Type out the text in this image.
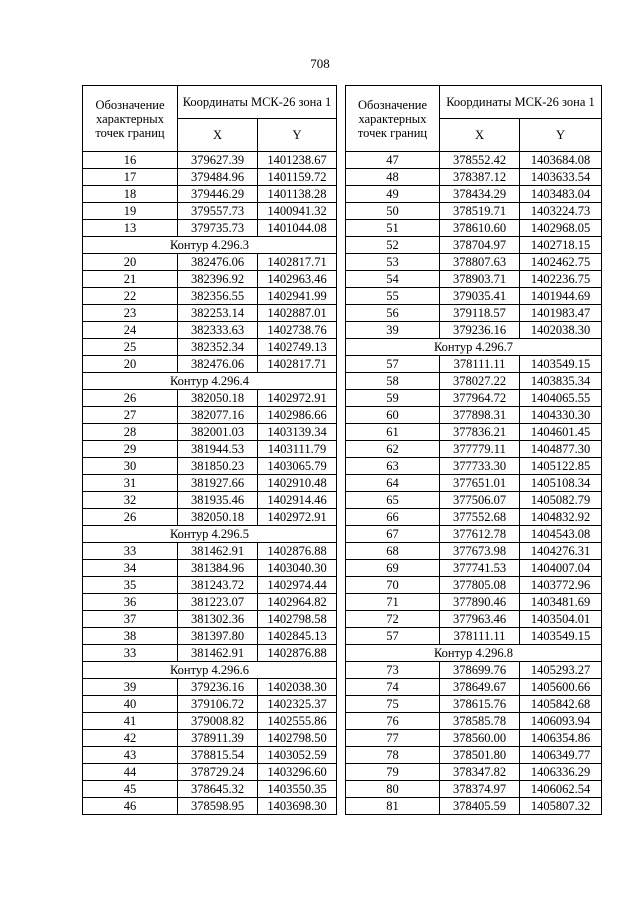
708
Обозначение характерных точек границ	Координаты МСК-26 зона 1	
	X	Y
16	379627.39	1401238.67
17	379484.96	1401159.72
18	379446.29	1401138.28
19	379557.73	1400941.32
13	379735.73	1401044.08
Контур 4.296.3		
20	382476.06	1402817.71
21	382396.92	1402963.46
22	382356.55	1402941.99
23	382253.14	1402887.01
24	382333.63	1402738.76
25	382352.34	1402749.13
20	382476.06	1402817.71
Контур 4.296.4		
26	382050.18	1402972.91
27	382077.16	1402986.66
28	382001.03	1403139.34
29	381944.53	1403111.79
30	381850.23	1403065.79
31	381927.66	1402910.48
32	381935.46	1402914.46
26	382050.18	1402972.91
Контур 4.296.5		
33	381462.91	1402876.88
34	381384.96	1403040.30
35	381243.72	1402974.44
36	381223.07	1402964.82
37	381302.36	1402798.58
38	381397.80	1402845.13
33	381462.91	1402876.88
Контур 4.296.6		
39	379236.16	1402038.30
40	379106.72	1402325.37
41	379008.82	1402555.86
42	378911.39	1402798.50
43	378815.54	1403052.59
44	378729.24	1403296.60
45	378645.32	1403550.35
46	378598.95	1403698.30
Обозначение характерных точек границ	Координаты МСК-26 зона 1	
	X	Y
47	378552.42	1403684.08
48	378387.12	1403633.54
49	378434.29	1403483.04
50	378519.71	1403224.73
51	378610.60	1402968.05
52	378704.97	1402718.15
53	378807.63	1402462.75
54	378903.71	1402236.75
55	379035.41	1401944.69
56	379118.57	1401983.47
39	379236.16	1402038.30
Контур 4.296.7		
57	378111.11	1403549.15
58	378027.22	1403835.34
59	377964.72	1404065.55
60	377898.31	1404330.30
61	377836.21	1404601.45
62	377779.11	1404877.30
63	377733.30	1405122.85
64	377651.01	1405108.34
65	377506.07	1405082.79
66	377552.68	1404832.92
67	377612.78	1404543.08
68	377673.98	1404276.31
69	377741.53	1404007.04
70	377805.08	1403772.96
71	377890.46	1403481.69
72	377963.46	1403504.01
57	378111.11	1403549.15
Контур 4.296.8		
73	378699.76	1405293.27
74	378649.67	1405600.66
75	378615.76	1405842.68
76	378585.78	1406093.94
77	378560.00	1406354.86
78	378501.80	1406349.77
79	378347.82	1406336.29
80	378374.97	1406062.54
81	378405.59	1405807.32
